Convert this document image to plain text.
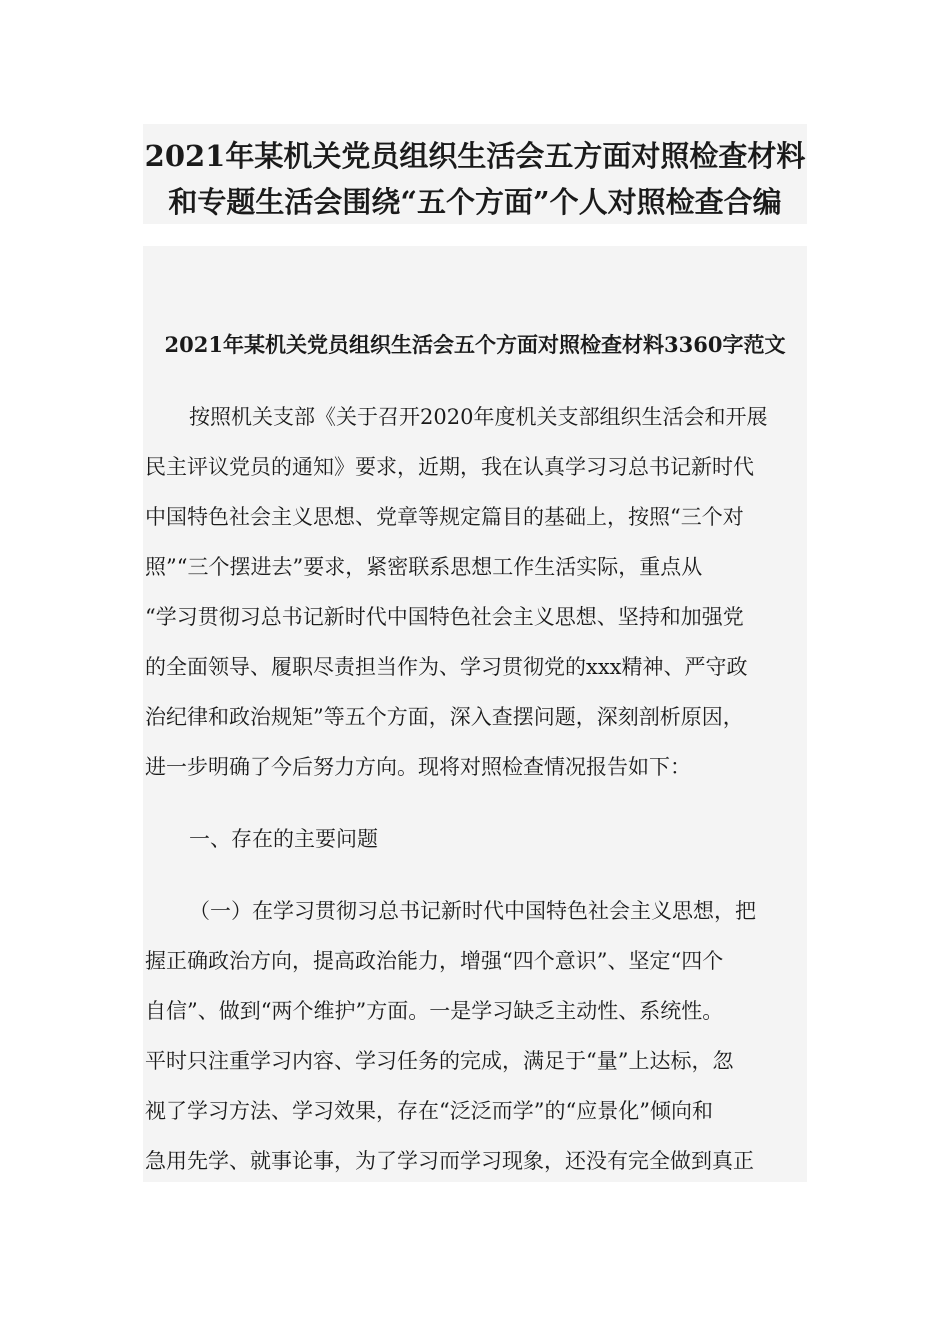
2021年某机关党员组织生活会五方面对照检查材料
和专题生活会围绕“五个方面”个人对照检查合编
2021年某机关党员组织生活会五个方面对照检查材料3360字范文
按照机关支部《关于召开2020年度机关支部组织生活会和开展
民主评议党员的通知》要求，近期，我在认真学习习总书记新时代
中国特色社会主义思想、党章等规定篇目的基础上，按照“三个对
照”“三个摆进去”要求，紧密联系思想工作生活实际，重点从
“学习贯彻习总书记新时代中国特色社会主义思想、坚持和加强党
的全面领导、履职尽责担当作为、学习贯彻党的xxx精神、严守政
治纪律和政治规矩”等五个方面，深入查摆问题，深刻剖析原因，
进一步明确了今后努力方向。现将对照检查情况报告如下：
一、存在的主要问题
（一）在学习贯彻习总书记新时代中国特色社会主义思想，把
握正确政治方向，提高政治能力，增强“四个意识”、坚定“四个
自信”、做到“两个维护”方面。一是学习缺乏主动性、系统性。
平时只注重学习内容、学习任务的完成，满足于“量”上达标，忽
视了学习方法、学习效果，存在“泛泛而学”的“应景化”倾向和
急用先学、就事论事，为了学习而学习现象，还没有完全做到真正
